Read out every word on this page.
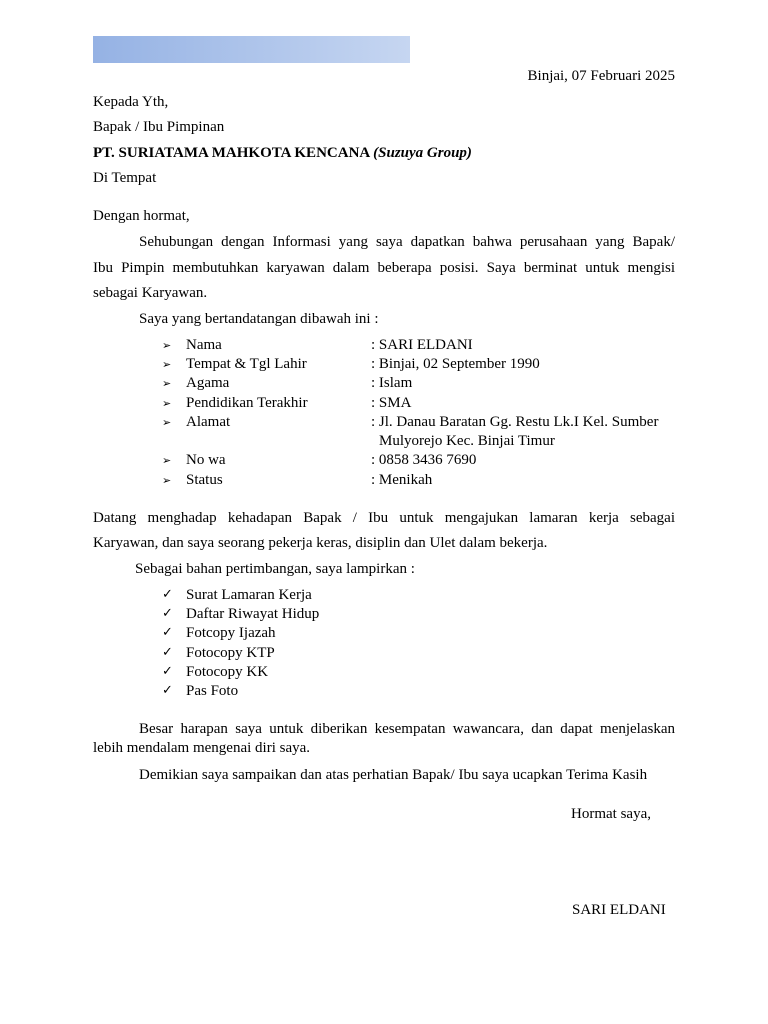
Binjai, 07 Februari 2025
Kepada Yth,
Bapak / Ibu Pimpinan
PT. SURIATAMA MAHKOTA KENCANA (Suzuya Group)
Di Tempat
Dengan hormat,
Sehubungan dengan Informasi yang saya dapatkan bahwa perusahaan yang Bapak/
Ibu Pimpin membutuhkan karyawan dalam beberapa posisi. Saya berminat untuk mengisi
sebagai Karyawan.
Saya yang bertandatangan dibawah ini :
➢ Nama	: SARI ELDANI
➢ Tempat & Tgl Lahir	: Binjai, 02 September 1990
➢ Agama	: Islam
➢ Pendidikan Terakhir	: SMA
➢ Alamat	: Jl. Danau Baratan Gg. Restu Lk.I Kel. Sumber
Mulyorejo Kec. Binjai Timur
➢ No wa	: 0858 3436 7690
➢ Status	: Menikah
Datang menghadap kehadapan Bapak / Ibu untuk mengajukan lamaran kerja sebagai
Karyawan, dan saya seorang pekerja keras, disiplin dan Ulet dalam bekerja.
Sebagai bahan pertimbangan, saya lampirkan :
✓ Surat Lamaran Kerja
✓ Daftar Riwayat Hidup
✓ Fotcopy Ijazah
✓ Fotocopy KTP
✓ Fotocopy KK
✓ Pas Foto
Besar harapan saya untuk diberikan kesempatan wawancara, dan dapat menjelaskan
lebih mendalam mengenai diri saya.
Demikian saya sampaikan dan atas perhatian Bapak/ Ibu saya ucapkan Terima Kasih
Hormat saya,
SARI ELDANI
